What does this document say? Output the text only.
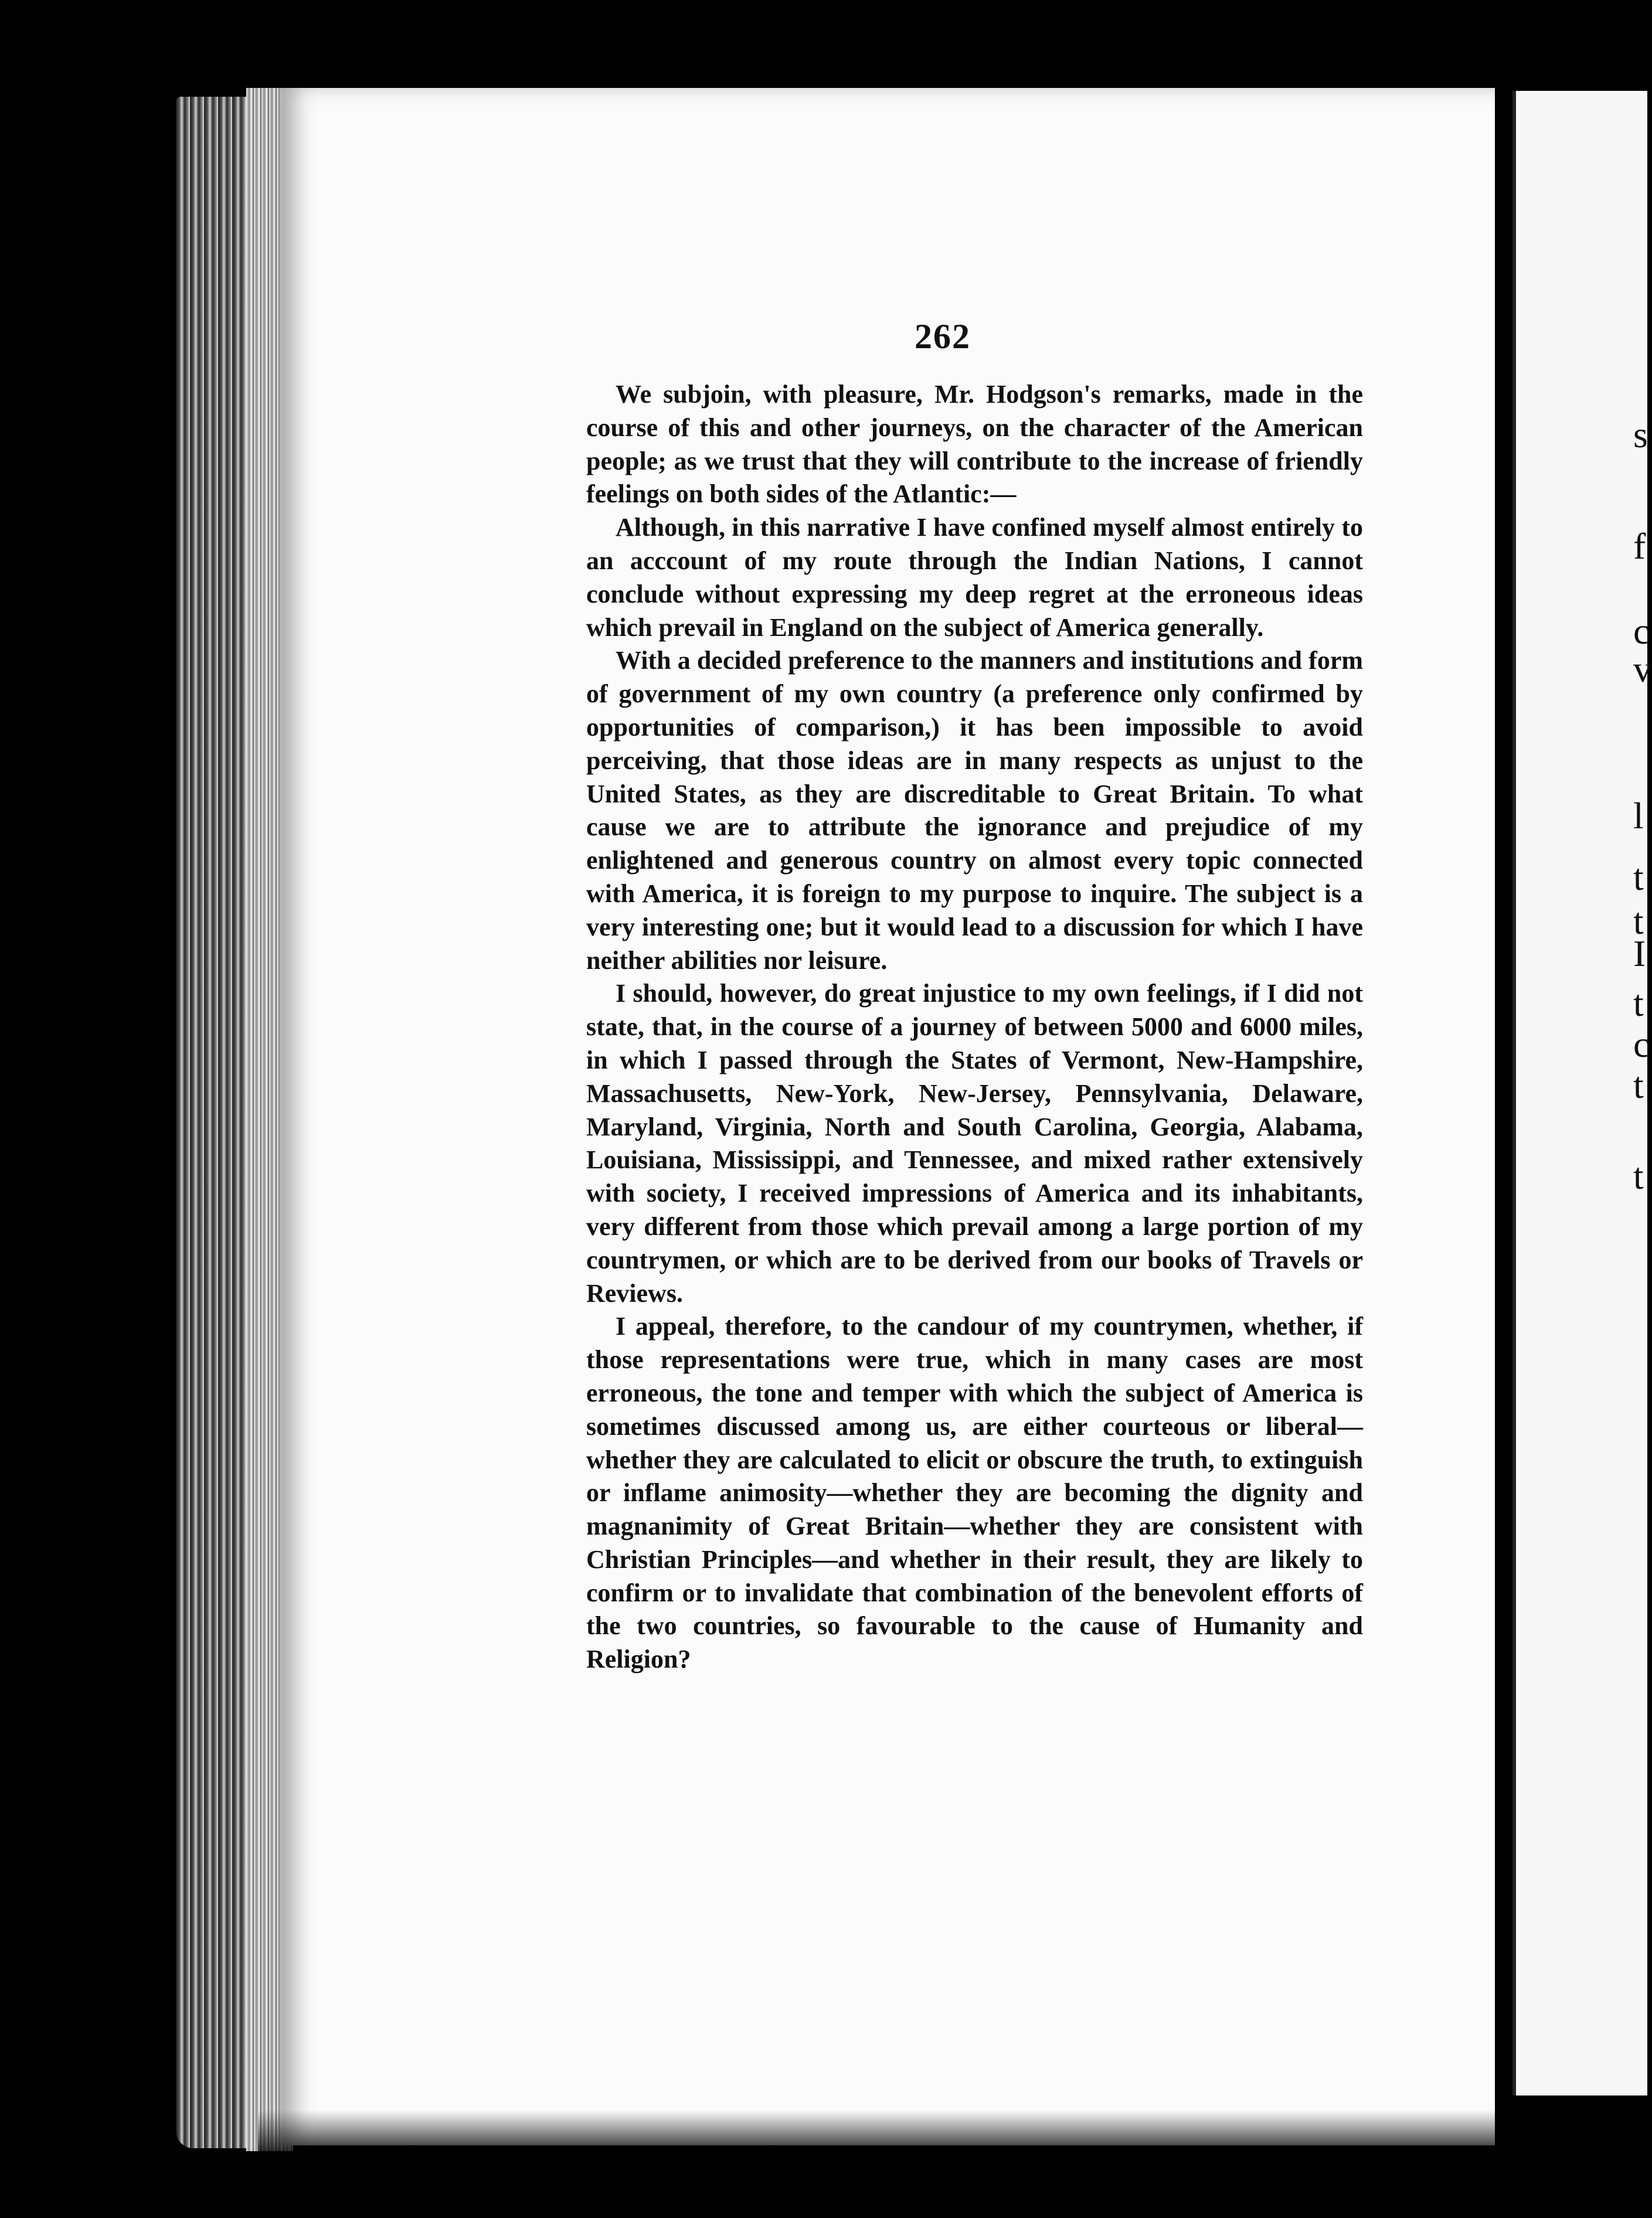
s
f
c
v
l
t
t
I
t
c
t
t
262

We subjoin, with pleasure, Mr. Hodgson's remarks, made in the course of this and other journeys, on the character of the American people; as we trust that they will contribute to the increase of friendly feelings on both sides of the Atlantic:—

Although, in this narrative I have confined myself almost entirely to an acccount of my route through the Indian Nations, I cannot conclude without expressing my deep regret at the erroneous ideas which prevail in England on the subject of America generally.

With a decided preference to the manners and institutions and form of government of my own country (a preference only confirmed by opportunities of comparison,) it has been impossible to avoid perceiving, that those ideas are in many respects as unjust to the United States, as they are discreditable to Great Britain. To what cause we are to attribute the ignorance and prejudice of my enlightened and generous country on almost every topic connected with America, it is foreign to my purpose to inquire. The subject is a very interesting one; but it would lead to a discussion for which I have neither abilities nor leisure.

I should, however, do great injustice to my own feelings, if I did not state, that, in the course of a journey of between 5000 and 6000 miles, in which I passed through the States of Vermont, New-Hampshire, Massachusetts, New-York, New-Jersey, Pennsylvania, Delaware, Maryland, Virginia, North and South Carolina, Georgia, Alabama, Louisiana, Mississippi, and Tennessee, and mixed rather extensively with society, I received impressions of America and its inhabitants, very different from those which prevail among a large portion of my countrymen, or which are to be derived from our books of Travels or Reviews.

I appeal, therefore, to the candour of my countrymen, whether, if those representations were true, which in many cases are most erroneous, the tone and temper with which the subject of America is sometimes discussed among us, are either courteous or liberal—whether they are calculated to elicit or obscure the truth, to extinguish or inflame animosity—whether they are becoming the dignity and magnanimity of Great Britain—whether they are consistent with Christian Principles—and whether in their result, they are likely to confirm or to invalidate that combination of the benevolent efforts of the two countries, so favourable to the cause of Humanity and Religion?
